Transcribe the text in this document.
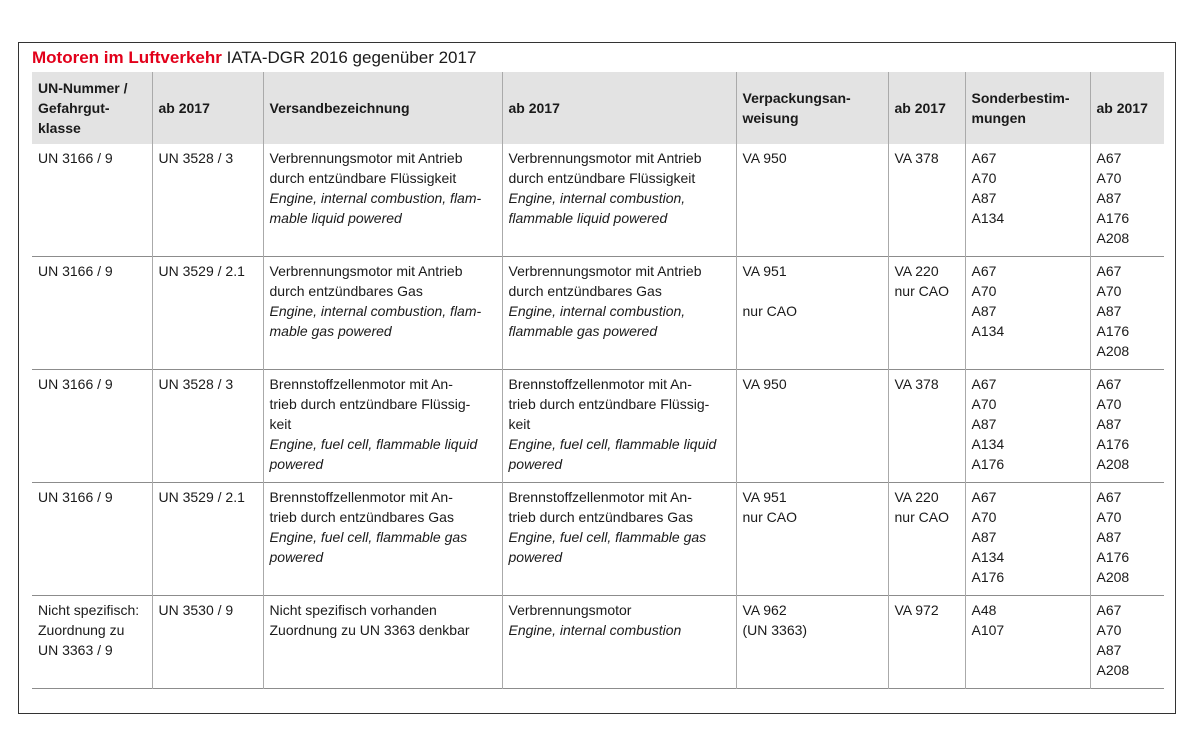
Motoren im Luftverkehr IATA-DGR 2016 gegenüber 2017
UN-Nummer /
Gefahrgut-
klasse	ab 2017	Versandbezeichnung	ab 2017	Verpackungsan-
weisung	ab 2017	Sonderbestim-
mungen	ab 2017

UN 3166 / 9	UN 3528 / 3	Verbrennungsmotor mit Antrieb
durch entzündbare Flüssigkeit
Engine, internal combustion, flam-
mable liquid powered	Verbrennungsmotor mit Antrieb
durch entzündbare Flüssigkeit
Engine, internal combustion,
flammable liquid powered	VA 950	VA 378	A67
A70
A87
A134	A67
A70
A87
A176
A208

UN 3166 / 9	UN 3529 / 2.1	Verbrennungsmotor mit Antrieb
durch entzündbares Gas
Engine, internal combustion, flam-
mable gas powered	Verbrennungsmotor mit Antrieb
durch entzündbares Gas
Engine, internal combustion,
flammable gas powered	VA 951
nur CAO	VA 220
nur CAO	A67
A70
A87
A134	A67
A70
A87
A176
A208

UN 3166 / 9	UN 3528 / 3	Brennstoffzellenmotor mit An-
trieb durch entzündbare Flüssig-
keit
Engine, fuel cell, flammable liquid
powered	Brennstoffzellenmotor mit An-
trieb durch entzündbare Flüssig-
keit
Engine, fuel cell, flammable liquid
powered	VA 950	VA 378	A67
A70
A87
A134
A176	A67
A70
A87
A176
A208

UN 3166 / 9	UN 3529 / 2.1	Brennstoffzellenmotor mit An-
trieb durch entzündbares Gas
Engine, fuel cell, flammable gas
powered	Brennstoffzellenmotor mit An-
trieb durch entzündbares Gas
Engine, fuel cell, flammable gas
powered	VA 951
nur CAO	VA 220
nur CAO	A67
A70
A87
A134
A176	A67
A70
A87
A176
A208

Nicht spezifisch:
Zuordnung zu
UN 3363 / 9	UN 3530 / 9	Nicht spezifisch vorhanden
Zuordnung zu UN 3363 denkbar	Verbrennungsmotor
Engine, internal combustion	VA 962
(UN 3363)	VA 972	A48
A107	A67
A70
A87
A208
